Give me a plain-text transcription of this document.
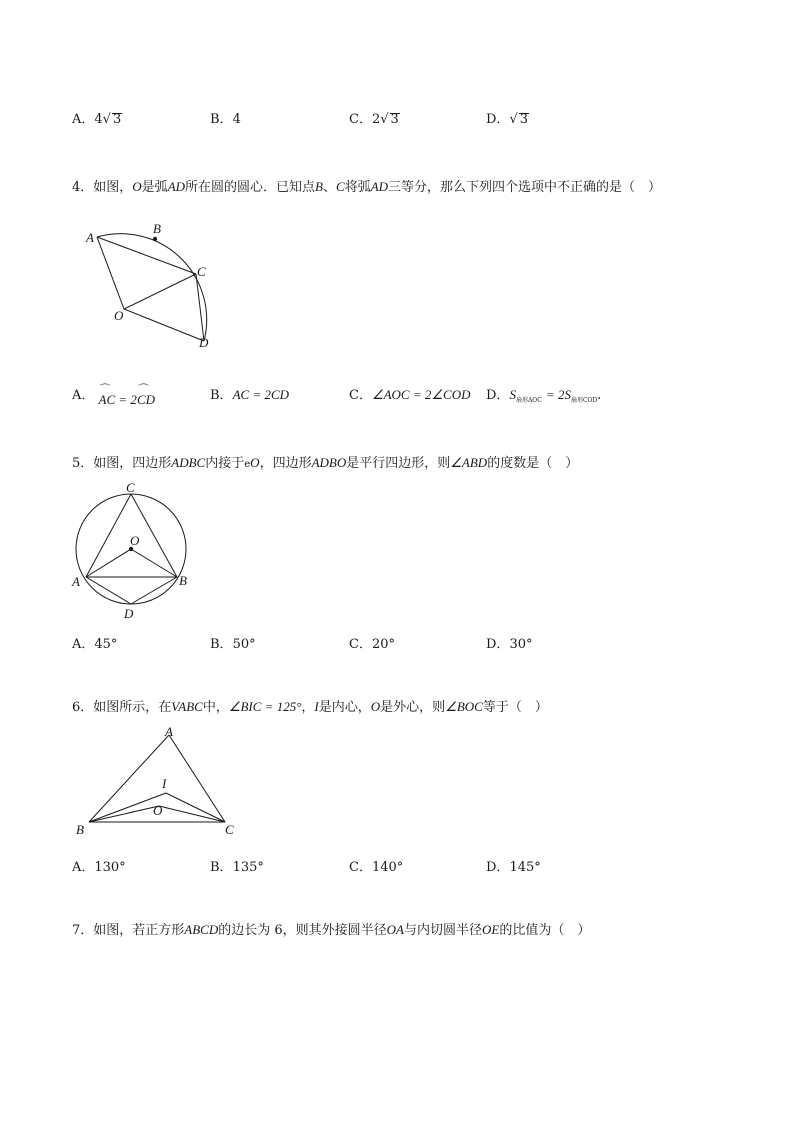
A．4√ 3	B．4	C．2√ 3	D．√ 3
4．如图，O是弧AD所在圆的圆心．已知点B、C将弧AD三等分，那么下列四个选项中不正确的是（　）
A
B
C
O
D
A． ⌒ AC = 2⌒ CD	B．AC = 2CD	C．∠AOC = 2∠COD D．$S_{扇形AOC} = 2S_{扇形COD}$.
5．如图，四边形ADBC内接于eO，四边形ADBO是平行四边形，则∠ABD的度数是（　）
C
O
A	B
D
A．45°	B．50°	C．20°	D．30°
6．如图所示，在VABC中，∠BIC = 125°，I是内心，O是外心，则∠BOC等于（　）
A
I
O
B	C
A．130°	B．135°	C．140°	D．145°
7．如图，若正方形ABCD的边长为 6，则其外接圆半径OA与内切圆半径OE的比值为（　）
